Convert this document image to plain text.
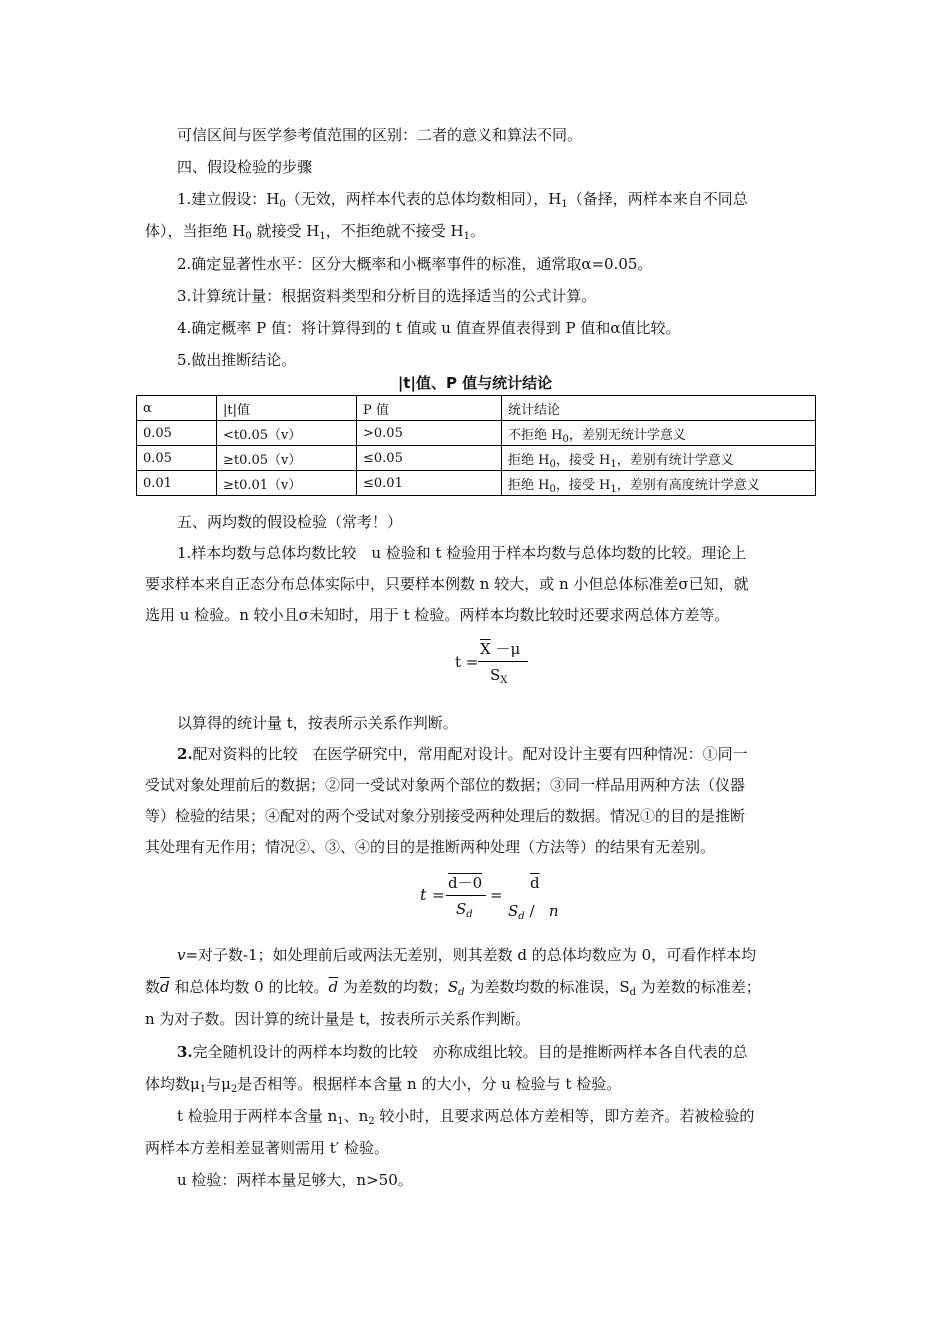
可信区间与医学参考值范围的区别：二者的意义和算法不同。
四、假设检验的步骤
1.建立假设：$H_0$（无效，两样本代表的总体均数相同），$H_1$（备择，两样本来自不同总
体），当拒绝 $H_0$ 就接受 $H_1$，不拒绝就不接受 $H_1$。
2.确定显著性水平：区分大概率和小概率事件的标准，通常取α=0.05。
3.计算统计量：根据资料类型和分析目的选择适当的公式计算。
4.确定概率 P 值：将计算得到的 t 值或 u 值查界值表得到 P 值和α值比较。
5.做出推断结论。
|t|值、P 值与统计结论
α	|t|值	P 值	统计结论
0.05	<t0.05（v）	>0.05	不拒绝 $H_0$，差别无统计学意义
0.05	≥t0.05（v）	≤0.05	拒绝 $H_0$，接受 $H_1$，差别有统计学意义
0.01	≥t0.01（v）	≤0.01	拒绝 $H_0$，接受 $H_1$，差别有高度统计学意义
五、两均数的假设检验（常考！）
1.样本均数与总体均数比较　u 检验和 t 检验用于样本均数与总体均数的比较。理论上
要求样本来自正态分布总体实际中，只要样本例数 n 较大，或 n 小但总体标准差σ已知，就
选用 u 检验。n 较小且σ未知时，用于 t 检验。两样本均数比较时还要求两总体方差等。
t =
$\overline{X} -\mu$
$S_X$
以算得的统计量 t，按表所示关系作判断。
2.配对资料的比较　在医学研究中，常用配对设计。配对设计主要有四种情况：①同一
受试对象处理前后的数据；②同一受试对象两个部位的数据；③同一样品用两种方法（仪器
等）检验的结果；④配对的两个受试对象分别接受两种处理后的数据。情况①的目的是推断
其处理有无作用；情况②、③、④的目的是推断两种处理（方法等）的结果有无差别。
t =
d－0
$S_d$
=
$\overline{d}$
$S_d$ / n
v=对子数-1；如处理前后或两法无差别，则其差数 d 的总体均数应为 0，可看作样本均
数$\overline{d}$ 和总体均数 0 的比较。$\overline{d}$ 为差数的均数；$S_d$ 为差数均数的标准误，$S_d$ 为差数的标准差；
n 为对子数。因计算的统计量是 t，按表所示关系作判断。
3.完全随机设计的两样本均数的比较　亦称成组比较。目的是推断两样本各自代表的总
体均数$\mu_1$与$\mu_2$是否相等。根据样本含量 n 的大小，分 u 检验与 t 检验。
t 检验用于两样本含量 $n_1$、$n_2$ 较小时，且要求两总体方差相等，即方差齐。若被检验的
两样本方差相差显著则需用 t′ 检验。
u 检验：两样本量足够大，n>50。
